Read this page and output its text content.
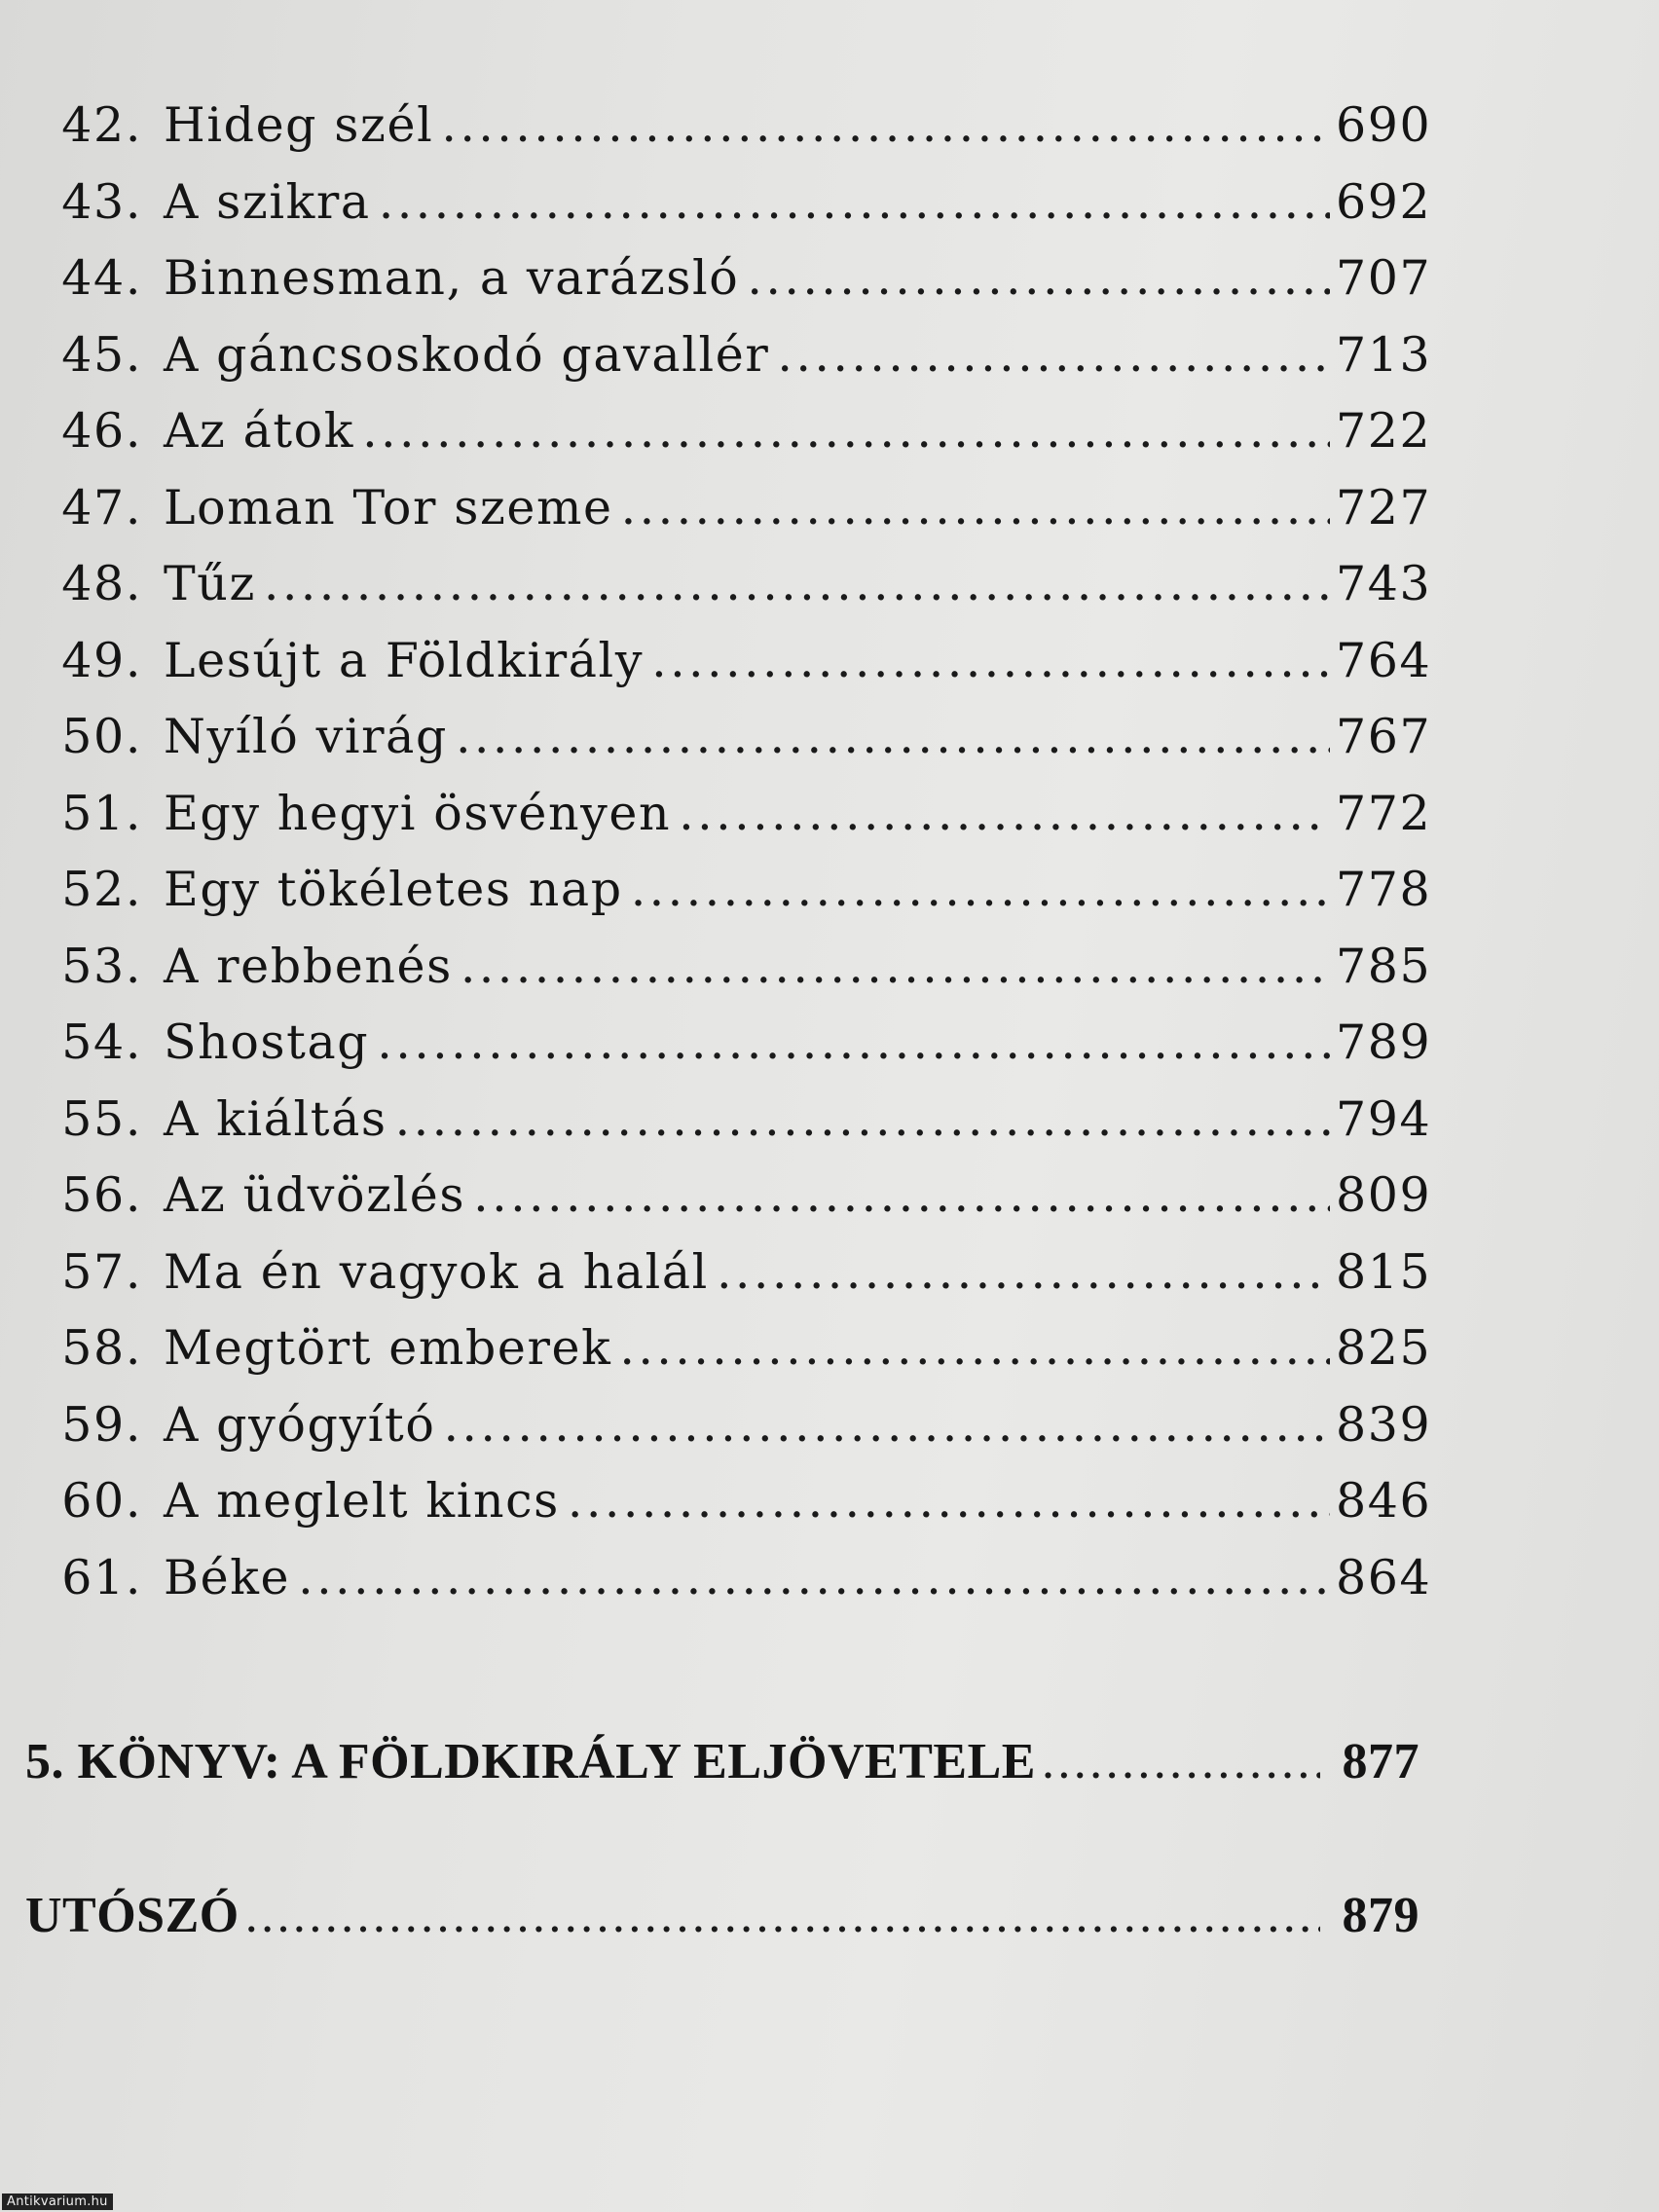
42. Hideg szél .....	690
43. A szikra .....	692
44. Binnesman, a varázsló .....	707
45. A gáncsoskodó gavallér .....	713
46. Az átok .....	722
47. Loman Tor szeme .....	727
48. Tűz .....	743
49. Lesújt a Földkirály .....	764
50. Nyíló virág .....	767
51. Egy hegyi ösvényen .....	772
52. Egy tökéletes nap .....	778
53. A rebbenés .....	785
54. Shostag .....	789
55. A kiáltás .....	794
56. Az üdvözlés .....	809
57. Ma én vagyok a halál .....	815
58. Megtört emberek .....	825
59. A gyógyító .....	839
60. A meglelt kincs .....	846
61. Béke .....	864
5. KÖNYV: A FÖLDKIRÁLY ELJÖVETELE .....	877
UTÓSZÓ .....	879
Antikvarium.hu
